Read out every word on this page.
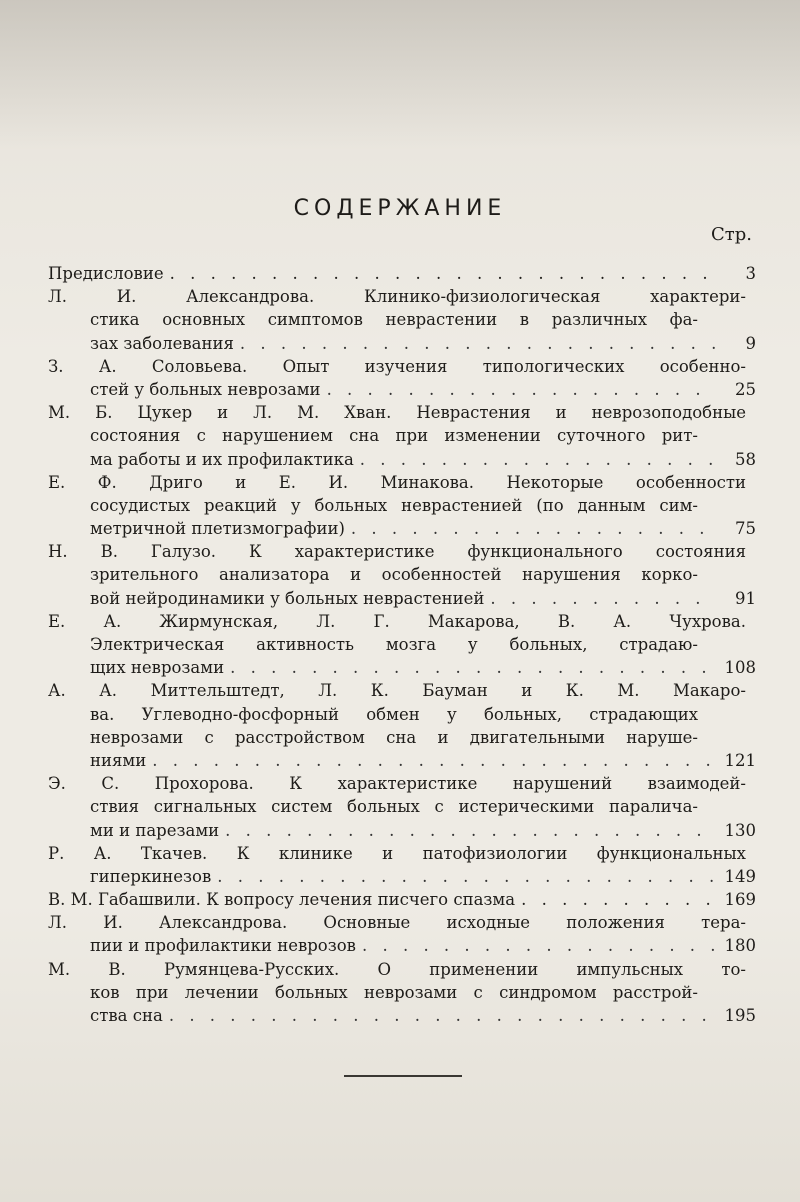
СОДЕРЖАНИЕ
Стр.
Предисловие . . .	3
Л. И. Александрова. Клинико-физиологическая характери-
стика основных симптомов неврастении в различных фа-
зах заболевания . . .	9
З. А. Соловьева. Опыт изучения типологических особенно-
стей у больных неврозами . . .	25
М. Б. Цукер и Л. М. Хван. Неврастения и неврозоподобные
состояния с нарушением сна при изменении суточного рит-
ма работы и их профилактика . . .	58
Е. Ф. Дриго и Е. И. Минакова. Некоторые особенности
сосудистых реакций у больных неврастенией (по данным сим-
метричной плетизмографии) . . .	75
Н. В. Галузо. К характеристике функционального состояния
зрительного анализатора и особенностей нарушения корко-
вой нейродинамики у больных неврастенией . . .	91
Е. А. Жирмунская, Л. Г. Макарова, В. А. Чухрова.
Электрическая активность мозга у больных, страдаю-
щих неврозами . . .	108
А. А. Миттельштедт, Л. К. Бауман и К. М. Макаро-
ва. Углеводно-фосфорный обмен у больных, страдающих
неврозами с расстройством сна и двигательными наруше-
ниями . . .	121
Э. С. Прохорова. К характеристике нарушений взаимодей-
ствия сигнальных систем больных с истерическими паралича-
ми и парезами . . .	130
Р. А. Ткачев. К клинике и патофизиологии функциональных
гиперкинезов . . .	149
В. М. Габашвили. К вопросу лечения писчего спазма . . .	169
Л. И. Александрова. Основные исходные положения тера-
пии и профилактики неврозов . . .	180
М. В. Румянцева-Русских. О применении импульсных то-
ков при лечении больных неврозами с синдромом расстрой-
ства сна . . .	195
